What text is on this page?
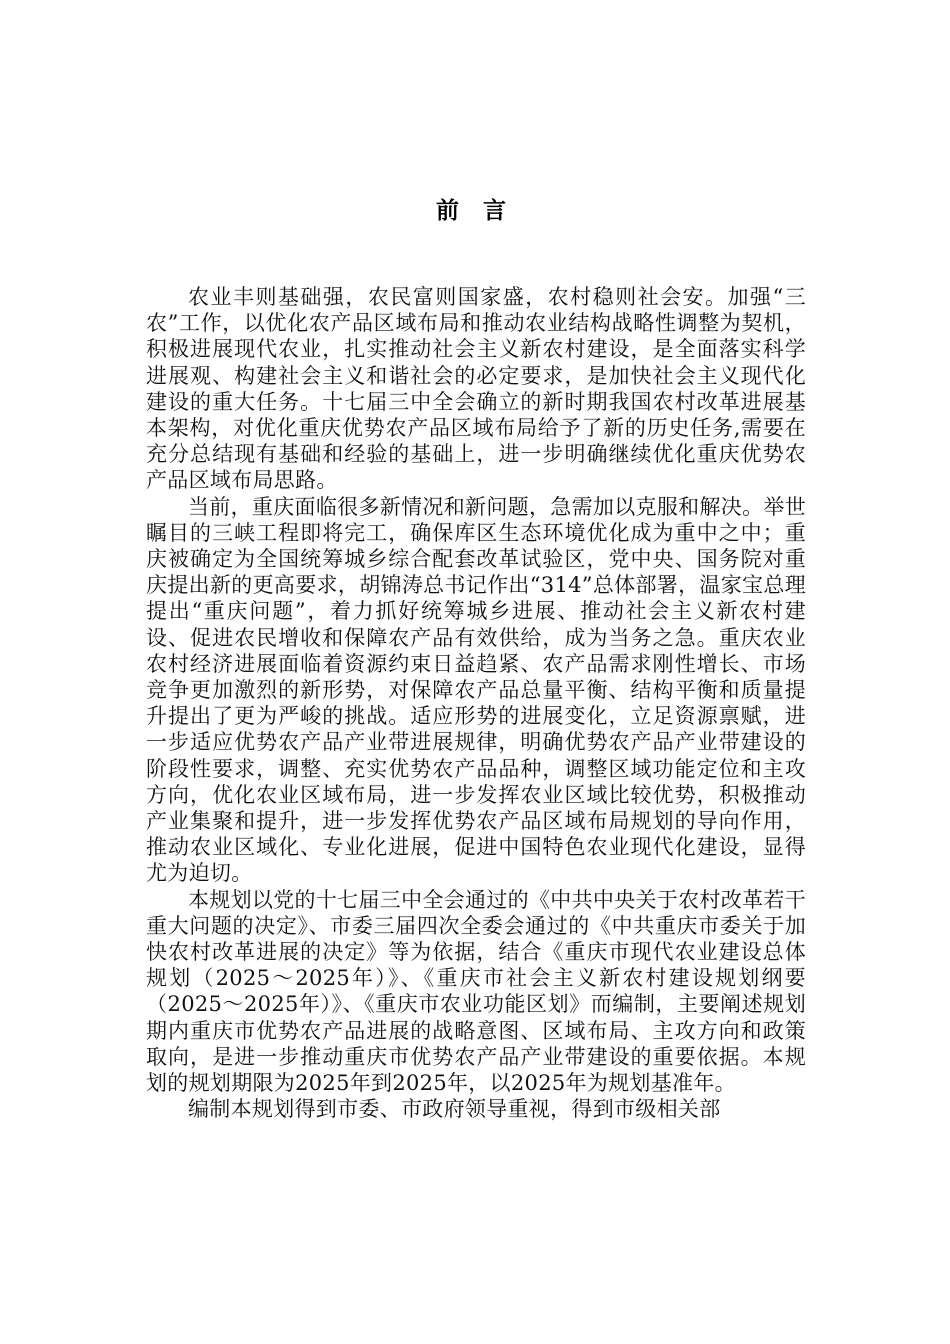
前 言

农业丰则基础强，农民富则国家盛，农村稳则社会安。加强“三农”工作，以优化农产品区域布局和推动农业结构战略性调整为契机，积极进展现代农业，扎实推动社会主义新农村建设，是全面落实科学进展观、构建社会主义和谐社会的必定要求，是加快社会主义现代化建设的重大任务。十七届三中全会确立的新时期我国农村改革进展基本架构，对优化重庆优势农产品区域布局给予了新的历史任务,需要在充分总结现有基础和经验的基础上，进一步明确继续优化重庆优势农产品区域布局思路。

当前，重庆面临很多新情况和新问题，急需加以克服和解决。举世瞩目的三峡工程即将完工，确保库区生态环境优化成为重中之中；重庆被确定为全国统筹城乡综合配套改革试验区，党中央、国务院对重庆提出新的更高要求，胡锦涛总书记作出“314”总体部署，温家宝总理提出“重庆问题”，着力抓好统筹城乡进展、推动社会主义新农村建设、促进农民增收和保障农产品有效供给，成为当务之急。重庆农业农村经济进展面临着资源约束日益趋紧、农产品需求刚性增长、市场竞争更加激烈的新形势，对保障农产品总量平衡、结构平衡和质量提升提出了更为严峻的挑战。适应形势的进展变化，立足资源禀赋，进一步适应优势农产品产业带进展规律，明确优势农产品产业带建设的阶段性要求，调整、充实优势农产品品种，调整区域功能定位和主攻方向，优化农业区域布局，进一步发挥农业区域比较优势，积极推动产业集聚和提升，进一步发挥优势农产品区域布局规划的导向作用，推动农业区域化、专业化进展，促进中国特色农业现代化建设，显得尤为迫切。

本规划以党的十七届三中全会通过的《中共中央关于农村改革若干重大问题的决定》、市委三届四次全委会通过的《中共重庆市委关于加快农村改革进展的决定》等为依据，结合《重庆市现代农业建设总体规划（2025～2025年）》、《重庆市社会主义新农村建设规划纲要（2025～2025年）》、《重庆市农业功能区划》而编制，主要阐述规划期内重庆市优势农产品进展的战略意图、区域布局、主攻方向和政策取向，是进一步推动重庆市优势农产品产业带建设的重要依据。本规划的规划期限为2025年到2025年，以2025年为规划基准年。

编制本规划得到市委、市政府领导重视，得到市级相关部
